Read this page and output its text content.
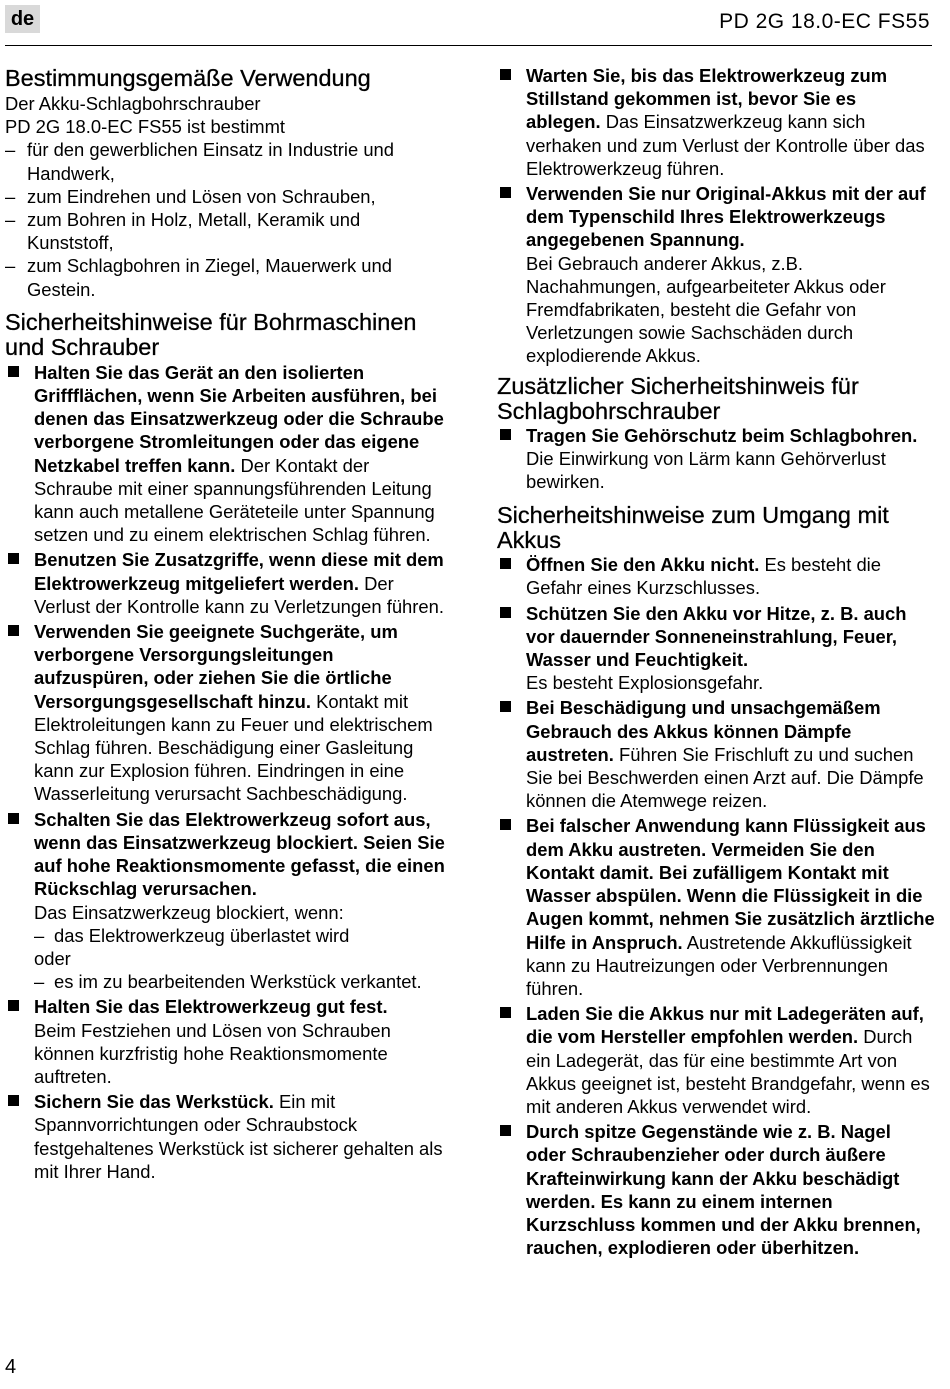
de	PD 2G 18.0-EC FS55
Bestimmungsgemäße Verwendung

Der Akku-Schlagbohrschrauber

PD 2G 18.0-EC FS55 ist bestimmt

– für den gewerblichen Einsatz in Industrie und Handwerk,
– zum Eindrehen und Lösen von Schrauben,
– zum Bohren in Holz, Metall, Keramik und Kunststoff,
– zum Schlagbohren in Ziegel, Mauerwerk und Gestein.
Sicherheitshinweise für Bohrmaschinen und Schrauber
Halten Sie das Gerät an den isolierten Griffflächen, wenn Sie Arbeiten ausführen, bei denen das Einsatzwerkzeug oder die Schraube verborgene Stromleitungen oder das eigene Netzkabel treffen kann. Der Kontakt der Schraube mit einer spannungsführenden Leitung kann auch metallene Geräteteile unter Spannung setzen und zu einem elektrischen Schlag führen.
Benutzen Sie Zusatzgriffe, wenn diese mit dem Elektrowerkzeug mitgeliefert werden. Der Verlust der Kontrolle kann zu Verletzungen führen.
Verwenden Sie geeignete Suchgeräte, um verborgene Versorgungsleitungen aufzuspüren, oder ziehen Sie die örtliche Versorgungsgesellschaft hinzu. Kontakt mit Elektroleitungen kann zu Feuer und elektrischem Schlag führen. Beschädigung einer Gasleitung kann zur Explosion führen. Eindringen in eine Wasserleitung verursacht Sachbeschädigung.
Schalten Sie das Elektrowerkzeug sofort aus, wenn das Einsatzwerkzeug blockiert. Seien Sie auf hohe Reaktionsmomente gefasst, die einen Rückschlag verursachen.
Das Einsatzwerkzeug blockiert, wenn:
– das Elektrowerkzeug überlastet wird
oder
– es im zu bearbeitenden Werkstück verkantet.
Halten Sie das Elektrowerkzeug gut fest.
Beim Festziehen und Lösen von Schrauben können kurzfristig hohe Reaktionsmomente auftreten.
Sichern Sie das Werkstück. Ein mit Spannvorrichtungen oder Schraubstock festgehaltenes Werkstück ist sicherer gehalten als mit Ihrer Hand.
Warten Sie, bis das Elektrowerkzeug zum Stillstand gekommen ist, bevor Sie es ablegen. Das Einsatzwerkzeug kann sich verhaken und zum Verlust der Kontrolle über das Elektrowerkzeug führen.
Verwenden Sie nur Original-Akkus mit der auf dem Typenschild Ihres Elektrowerkzeugs angegebenen Spannung.
Bei Gebrauch anderer Akkus, z.B. Nachahmungen, aufgearbeiteter Akkus oder Fremdfabrikaten, besteht die Gefahr von Verletzungen sowie Sachschäden durch explodierende Akkus.
Zusätzlicher Sicherheitshinweis für Schlagbohrschrauber
Tragen Sie Gehörschutz beim Schlagbohren. Die Einwirkung von Lärm kann Gehörverlust bewirken.
Sicherheitshinweise zum Umgang mit Akkus
Öffnen Sie den Akku nicht. Es besteht die Gefahr eines Kurzschlusses.
Schützen Sie den Akku vor Hitze, z. B. auch vor dauernder Sonneneinstrahlung, Feuer, Wasser und Feuchtigkeit.
Es besteht Explosionsgefahr.
Bei Beschädigung und unsachgemäßem Gebrauch des Akkus können Dämpfe austreten. Führen Sie Frischluft zu und suchen Sie bei Beschwerden einen Arzt auf. Die Dämpfe können die Atemwege reizen.
Bei falscher Anwendung kann Flüssigkeit aus dem Akku austreten. Vermeiden Sie den Kontakt damit. Bei zufälligem Kontakt mit Wasser abspülen. Wenn die Flüssigkeit in die Augen kommt, nehmen Sie zusätzlich ärztliche Hilfe in Anspruch. Austretende Akkuflüssigkeit kann zu Hautreizungen oder Verbrennungen führen.
Laden Sie die Akkus nur mit Ladegeräten auf, die vom Hersteller empfohlen werden. Durch ein Ladegerät, das für eine bestimmte Art von Akkus geeignet ist, besteht Brandgefahr, wenn es mit anderen Akkus verwendet wird.
Durch spitze Gegenstände wie z. B. Nagel oder Schraubenzieher oder durch äußere Krafteinwirkung kann der Akku beschädigt werden. Es kann zu einem internen Kurzschluss kommen und der Akku brennen, rauchen, explodieren oder überhitzen.
4
